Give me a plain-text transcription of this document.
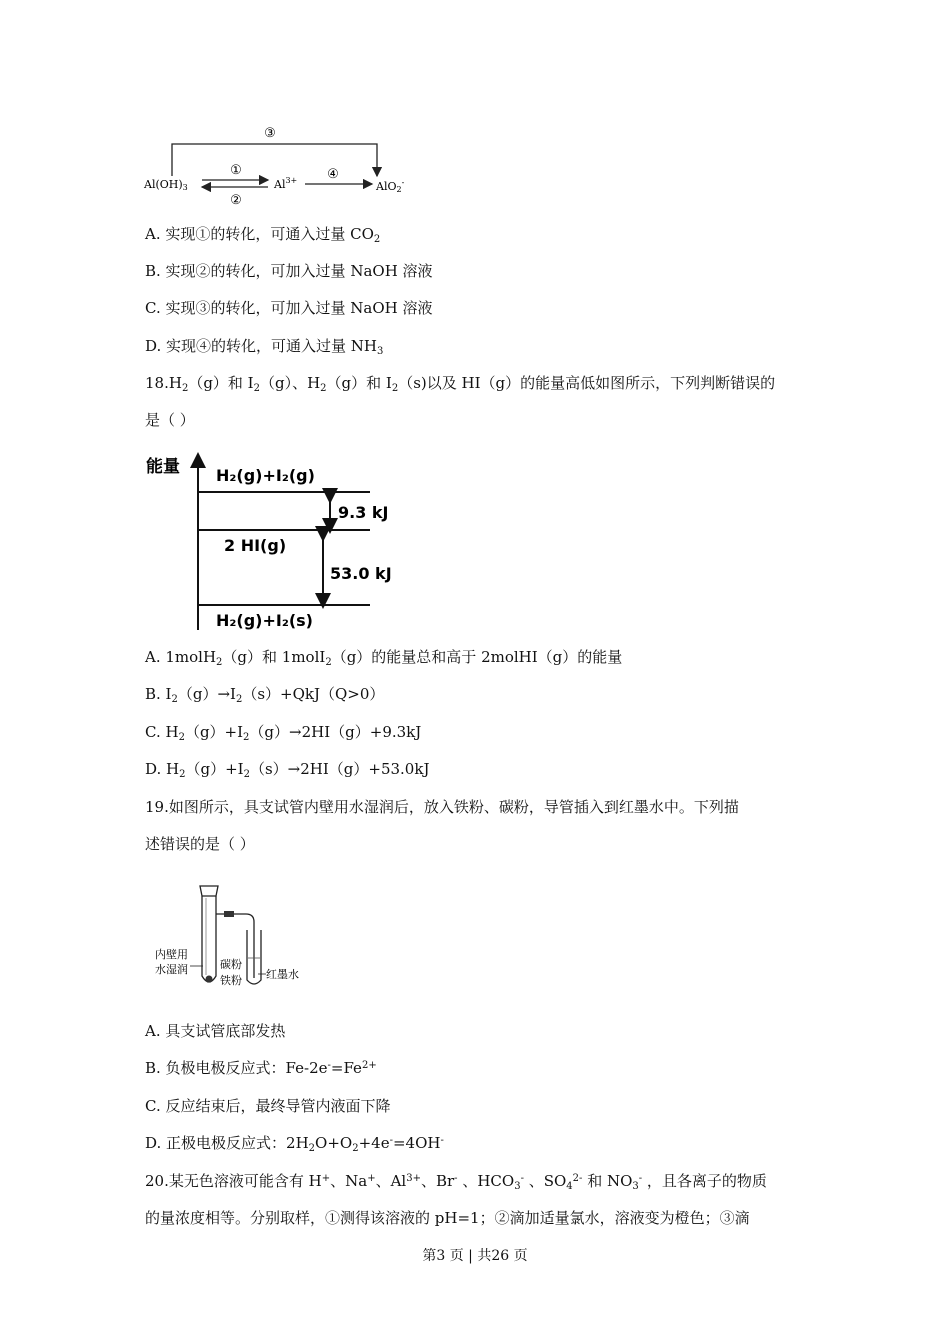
③
①
②
④
Al(OH)3	$Al^{3+}$	AlO2-
A. 实现①的转化，可通入过量 $CO_2$
B. 实现②的转化，可加入过量 NaOH 溶液
C. 实现③的转化，可加入过量 NaOH 溶液
D. 实现④的转化，可通入过量 $NH_3$
$18.H_2(g)$和 $I_2(g)$、$H_2(g)$和 $I_2(s)$以及 HI（g）的能量高低如图所示，下列判断错误的
是（ ）
能量 H₂(g)+I₂(g)
2 HI(g)
H₂(g)+I₂(s)
9.3 kJ
53.0 kJ
A. 1molH$_2$（g）和 1molI$_2$（g）的能量总和高于 2molHI（g）的能量
B. $I_2(g)\to I_2(s)+QkJ(Q>0)$
C. $H_2(g)+I_2(g)\to 2HI(g)+9.3kJ$
D. $H_2(g)+I_2(s)\to 2HI(g)+53.0kJ$
19.如图所示，具支试管内壁用水湿润后，放入铁粉、碳粉，导管插入到红墨水中。下列描
述错误的是（ ）
内壁用
水湿润	碳粉
铁粉 红墨水
A. 具支试管底部发热
B. 负极电极反应式：$Fe-2e^-=Fe^{2+}$
C. 反应结束后，最终导管内液面下降
D. 正极电极反应式：$2H_2O+O_2+4e^-=4OH^-$
20.某无色溶液可能含有 H+、Na+、$Al^{3+}$、Br- 、$HCO_3^-$ 、$SO_4^{2-}$ 和 $NO_3^-$ ，且各离子的物质
的量浓度相等。分别取样，①测得该溶液的 pH=1；②滴加适量氯水，溶液变为橙色；③滴
第3 页 | 共26 页
